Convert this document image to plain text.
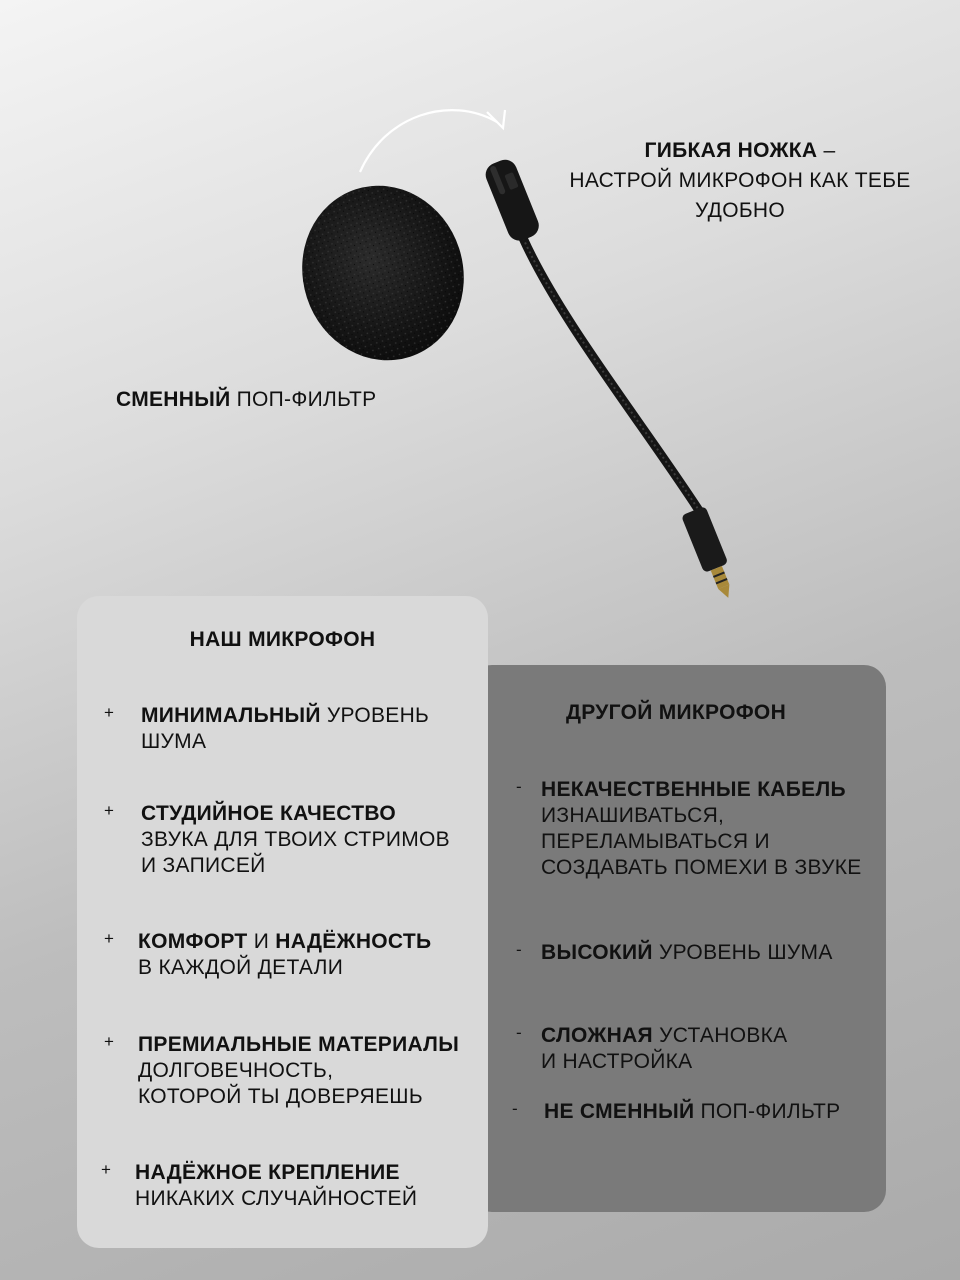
ГИБКАЯ НОЖКА –
НАСТРОЙ МИКРОФОН КАК ТЕБЕ
УДОБНО
СМЕННЫЙ ПОП-ФИЛЬТР
ДРУГОЙ МИКРОФОН
- НЕКАЧЕСТВЕННЫЕ КАБЕЛЬ
ИЗНАШИВАТЬСЯ,
ПЕРЕЛАМЫВАТЬСЯ И
СОЗДАВАТЬ ПОМЕХИ В ЗВУКЕ
- ВЫСОКИЙ УРОВЕНЬ ШУМА
- СЛОЖНАЯ УСТАНОВКА
И НАСТРОЙКА
- НЕ СМЕННЫЙ ПОП-ФИЛЬТР
НАШ МИКРОФОН
+ МИНИМАЛЬНЫЙ УРОВЕНЬ
ШУМА
+ СТУДИЙНОЕ КАЧЕСТВО
ЗВУКА ДЛЯ ТВОИХ СТРИМОВ
И ЗАПИСЕЙ
+ КОМФОРТ И НАДЁЖНОСТЬ
В КАЖДОЙ ДЕТАЛИ
+ ПРЕМИАЛЬНЫЕ МАТЕРИАЛЫ
ДОЛГОВЕЧНОСТЬ,
КОТОРОЙ ТЫ ДОВЕРЯЕШЬ
+ НАДЁЖНОЕ КРЕПЛЕНИЕ
НИКАКИХ СЛУЧАЙНОСТЕЙ
